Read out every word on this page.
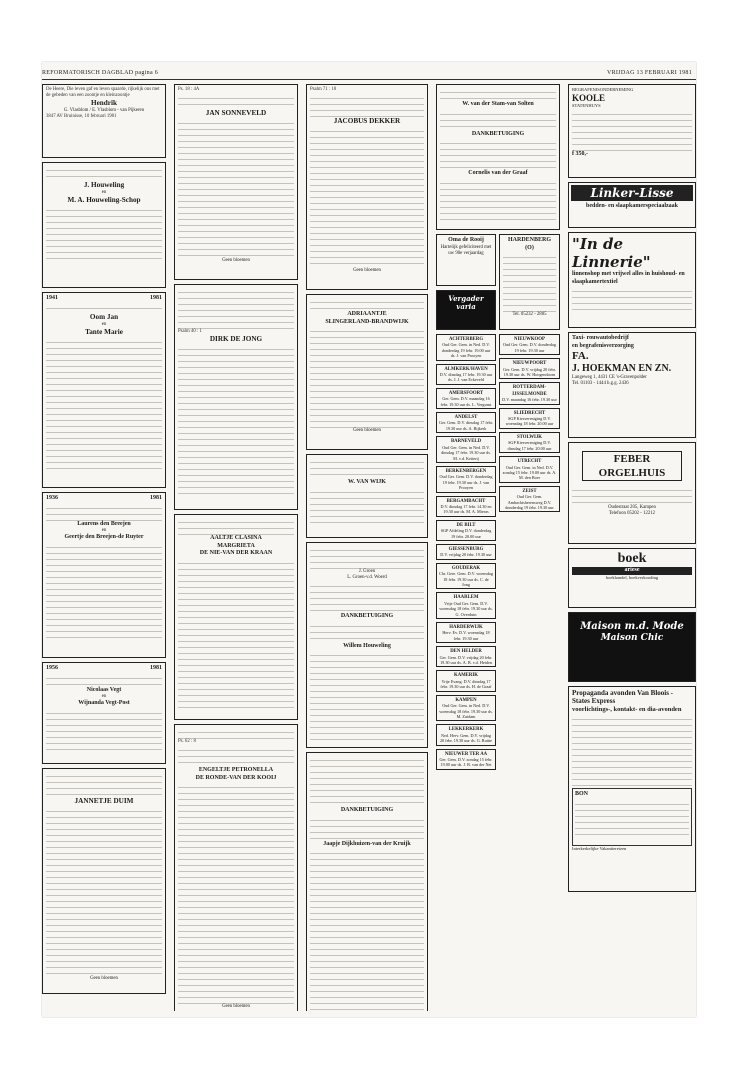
REFORMATORISCH DAGBLAD pagina 6	VRIJDAG 13 FEBRUARI 1981

De Heere, Die leven gaf en leven spaarde, rijkelijk ons met de gebeden van een zoontje en kleinzoontje

Hendrik

G. Vlasblom / E. Vlasblom - van Pijkeren

3847 AV Bruinisse, 10 februari 1981

J. Houweling

en

M. A. Houweling-Schop

1941	1981

Oom Jan

en

Tante Marie

1936	1981

Laurens den Breejen

en

Geertje den Breejen-de Ruyter

1956	1981

Nicolaas Vegt

en

Wijnanda Vegt-Post

JANNETJE DUIM

Geen bloemen

Ps. 18 : 4A

JAN SONNEVELD

Geen bloemen

Psalm 40 : 1

DIRK DE JONG

AALTJE CLASINA

MARGRIETA

DE NIE-VAN DER KRAAN

Ps. 62 : 8

ENGELTJE PETRONELLA

DE RONDE-VAN DER KOOIJ

Geen bloemen

Psalm 71 : 18

JACOBUS DEKKER

Geen bloemen

ADRIAANTJE

SLINGERLAND-BRANDWIJK

Geen bloemen

W. VAN WIJK

J. Groen

L. Groen-v.d. Woerd

DANKBETUIGING

Willem Houweling

DANKBETUIGING

Jaapje Dijkhuizen-van der Kruijk

W. van der Stam-van Solten

DANKBETUIGING

Cornelis van der Graaf

Oma de Rooij

Hartelijk gefeliciteerd met uw 90e verjaardag

Vergader varia

ACHTERBERG
Oud Ger. Gem. in Ned. D.V. donderdag 19 febr. 19.00 uur ds. J. van Prooyen
ALMKERK/HAVEN
D.V. dinsdag 17 febr. 19.30 uur ds. J. J. van Eckeveld
AMERSFOORT
Ger. Gem. D.V. maandag 16 febr. 19.30 uur ds. L. Vergunst
ANDELST
Ger. Gem. D.V. dinsdag 17 febr. 19.30 uur ds. A. Bijkerk
BARNEVELD
Oud Ger. Gem. in Ned. D.V. dinsdag 17 febr. 19.30 uur ds. M. v.d. Ketterij
BERKENBERGEN
Oud Ger. Gem. D.V. donderdag 19 febr. 19.30 uur ds. J. van Prooyen
BERGAMBACHT
D.V. dinsdag 17 febr. 14.30 en 19.30 uur ds. M. A. Mieras
DE BILT
SGP Afdeling D.V. donderdag 19 febr. 20.00 uur
GIESSENBURG
D.V. vrijdag 20 febr. 19.30 uur
GOUDERAK
Chr. Gere. Gem. D.V. woensdag 18 febr. 19.30 uur ds. C. de Jong
HAARLEM
Vrije Oud Ger. Gem. D.V. woensdag 18 febr. 19.30 uur ds. G. Overduin
HARDERWIJK
Herv. Ev. D.V. woensdag 18 febr. 19.30 uur
DEN HELDER
Ger. Gem. D.V. vrijdag 20 febr. 19.30 uur ds. A. B. v.d. Heiden
KAMERIK
Vrije Evang. D.V. dinsdag 17 febr. 19.30 uur ds. H. de Graaf
KAMPEN
Oud Ger. Gem. in Ned. D.V. woensdag 18 febr. 19.30 uur ds. M. Zuidam
LEKKERKERK
Ned. Herv. Gem. D.V. vrijdag 20 febr. 19.30 uur ds. G. Ruitte
NIEUWER TER AA
Ger. Gem. D.V. zondag 15 febr. 19.00 uur ds. J. B. van der Net

HARDENBERG (O)

Tel. 05232 - 2805

NIEUWKOOP
Oud Ger. Gem. D.V. donderdag 19 febr. 19.30 uur
NIEUWPOORT
Ger. Gem. D.V. vrijdag 20 febr. 19.30 uur ds. W. Hoogendoorn
ROTTERDAM-IJSSELMONDE
D.V. maandag 16 febr. 19.30 uur
SLIEDRECHT
SGP Kiesvereniging D.V. woensdag 18 febr. 20.00 uur
STOLWIJK
SGP Kiesvereniging D.V. dinsdag 17 febr. 20.00 uur
UTRECHT
Oud Ger. Gem. in Ned. D.V. zondag 15 febr. 19.00 uur ds. A. M. den Boer
ZEIST
Oud Ger. Gem. Ambachtsherensweg D.V. donderdag 19 febr. 19.30 uur

BEGRAFENISONDERNEMING

KOOLE

STATENHUYS

f 350,-

Linker-Lisse

bedden- en slaapkamerspeciaalzaak

"In de Linnerie"

linnenshop met vrijwel alles in huishoud- en slaapkamertextiel

Taxi- rouwautobedrijf

en begrafenisverzorging

FA.

J. HOEKMAN EN ZN.

Langeweg 1, 4431 CE 's-Gravenpolder

Tel. 01103 - 1444 b.g.g. 2436

FEBER ORGELHUIS

Oudestraat 205, Kampen

Telefoon 05202 - 12212

boek

ariese

boekhandel, boekverkooding

Maison m.d. Mode

Maison Chic

Propaganda avonden Van Bloois - States Express

voorlichtings-, kontakt- en dia-avonden

BON

Interkerkelijke Vakantiereizen
